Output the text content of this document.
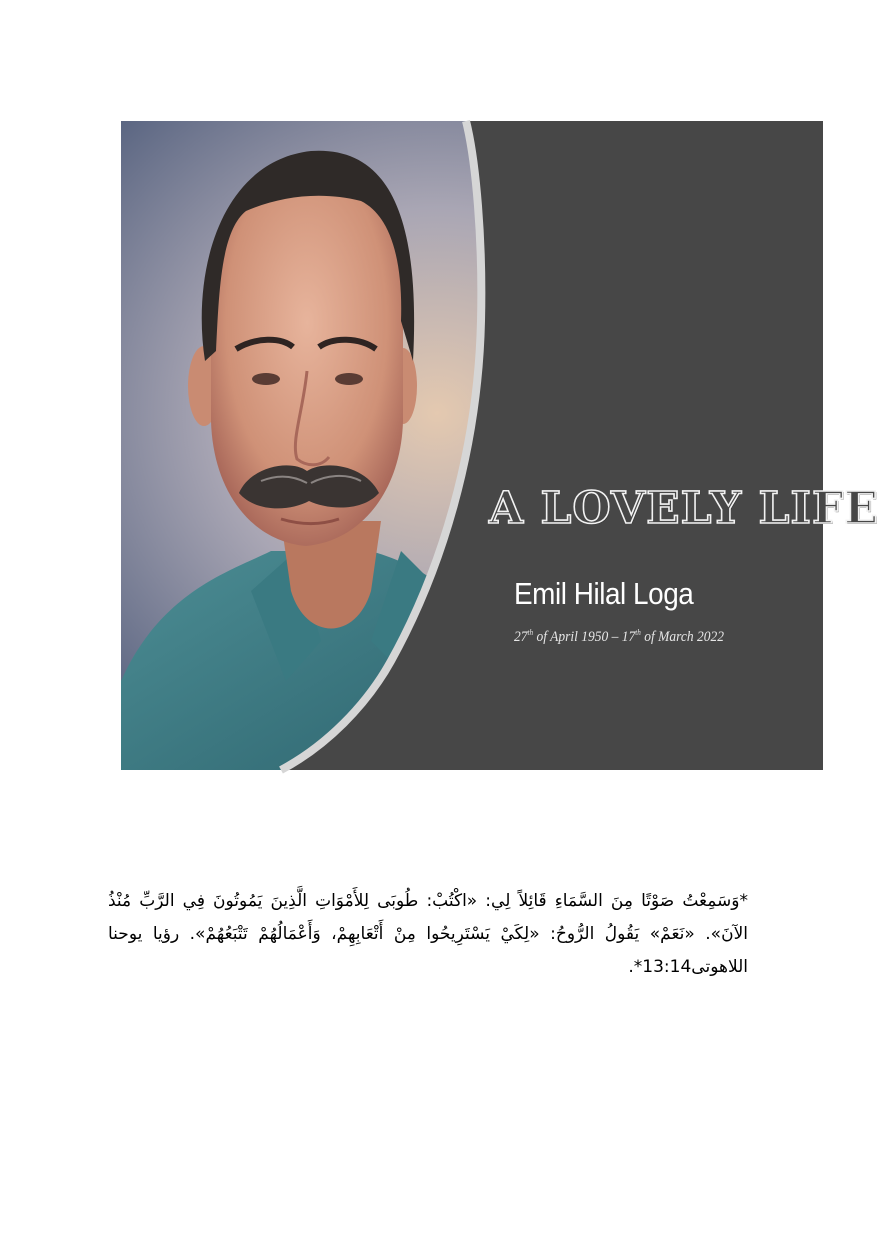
A LOVELY LIFE
Emil Hilal Loga
27th of April 1950 – 17th of March 2022

*وَسَمِعْتُ صَوْتًا مِنَ السَّمَاءِ قَائِلاً لِي: «اكْتُبْ: طُوبَى لِلأَمْوَاتِ الَّذِينَ يَمُوتُونَ فِي الرَّبِّ مُنْذُ الآنَ». «نَعَمْ» يَقُولُ الرُّوحُ: «لِكَيْ يَسْتَرِيحُوا مِنْ أَتْعَابِهِمْ، وَأَعْمَالُهُمْ تَتْبَعُهُمْ». رؤيا يوحنا اللاهوتى13:14*.
